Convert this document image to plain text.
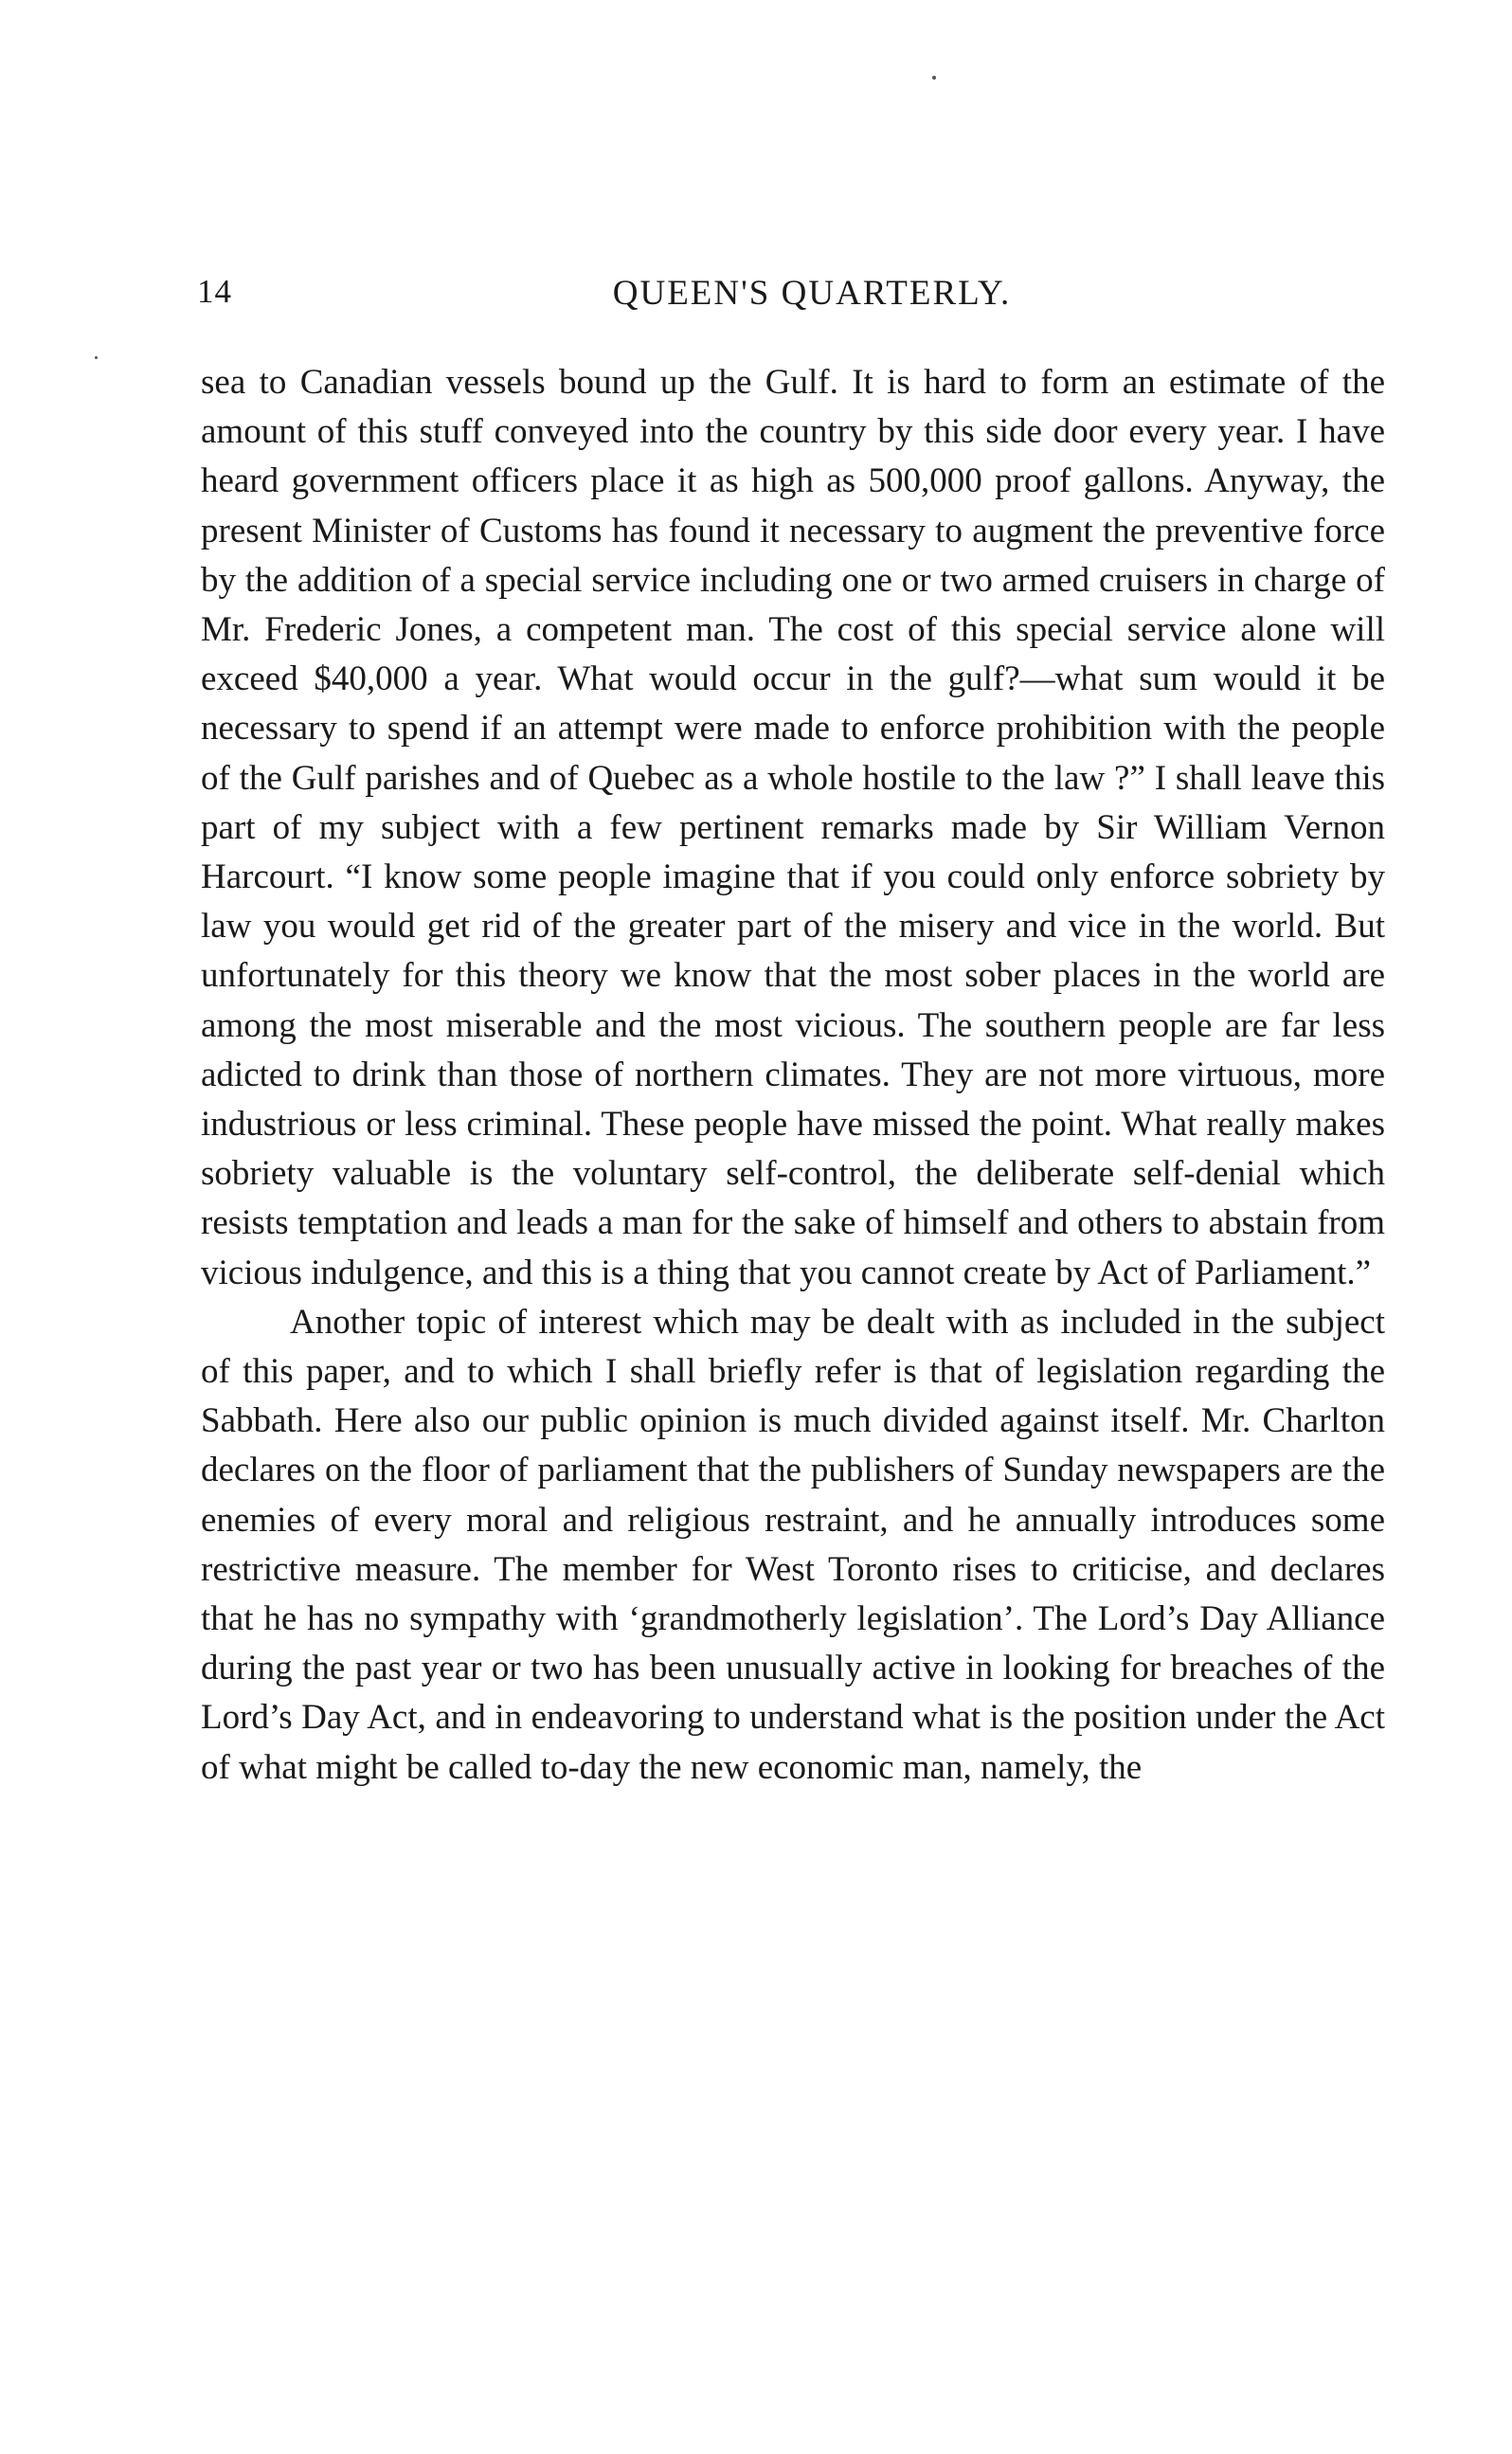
14	QUEEN'S QUARTERLY.

sea to Canadian vessels bound up the Gulf. It is hard to form an estimate of the amount of this stuff conveyed into the country by this side door every year. I have heard government officers place it as high as 500,000 proof gallons. Anyway, the present Minister of Customs has found it necessary to augment the preventive force by the addition of a special service including one or two armed cruisers in charge of Mr. Frederic Jones, a competent man. The cost of this special service alone will exceed $40,000 a year. What would occur in the gulf?—what sum would it be necessary to spend if an attempt were made to enforce prohibition with the people of the Gulf parishes and of Quebec as a whole hostile to the law ?” I shall leave this part of my subject with a few pertinent remarks made by Sir William Vernon Harcourt. “I know some people imagine that if you could only enforce sobriety by law you would get rid of the greater part of the misery and vice in the world. But unfortunately for this theory we know that the most sober places in the world are among the most miserable and the most vicious. The southern people are far less adicted to drink than those of northern climates. They are not more virtuous, more industrious or less criminal. These people have missed the point. What really makes sobriety valuable is the voluntary self-control, the deliberate self-denial which resists temptation and leads a man for the sake of himself and others to abstain from vicious indulgence, and this is a thing that you cannot create by Act of Parliament.”

Another topic of interest which may be dealt with as included in the subject of this paper, and to which I shall briefly refer is that of legislation regarding the Sabbath. Here also our public opinion is much divided against itself. Mr. Charlton declares on the floor of parliament that the publishers of Sunday newspapers are the enemies of every moral and religious restraint, and he annually introduces some restrictive measure. The member for West Toronto rises to criticise, and declares that he has no sympathy with ‘grandmotherly legislation’. The Lord’s Day Alliance during the past year or two has been unusually active in looking for breaches of the Lord’s Day Act, and in endeavoring to understand what is the position under the Act of what might be called to-day the new economic man, namely, the
